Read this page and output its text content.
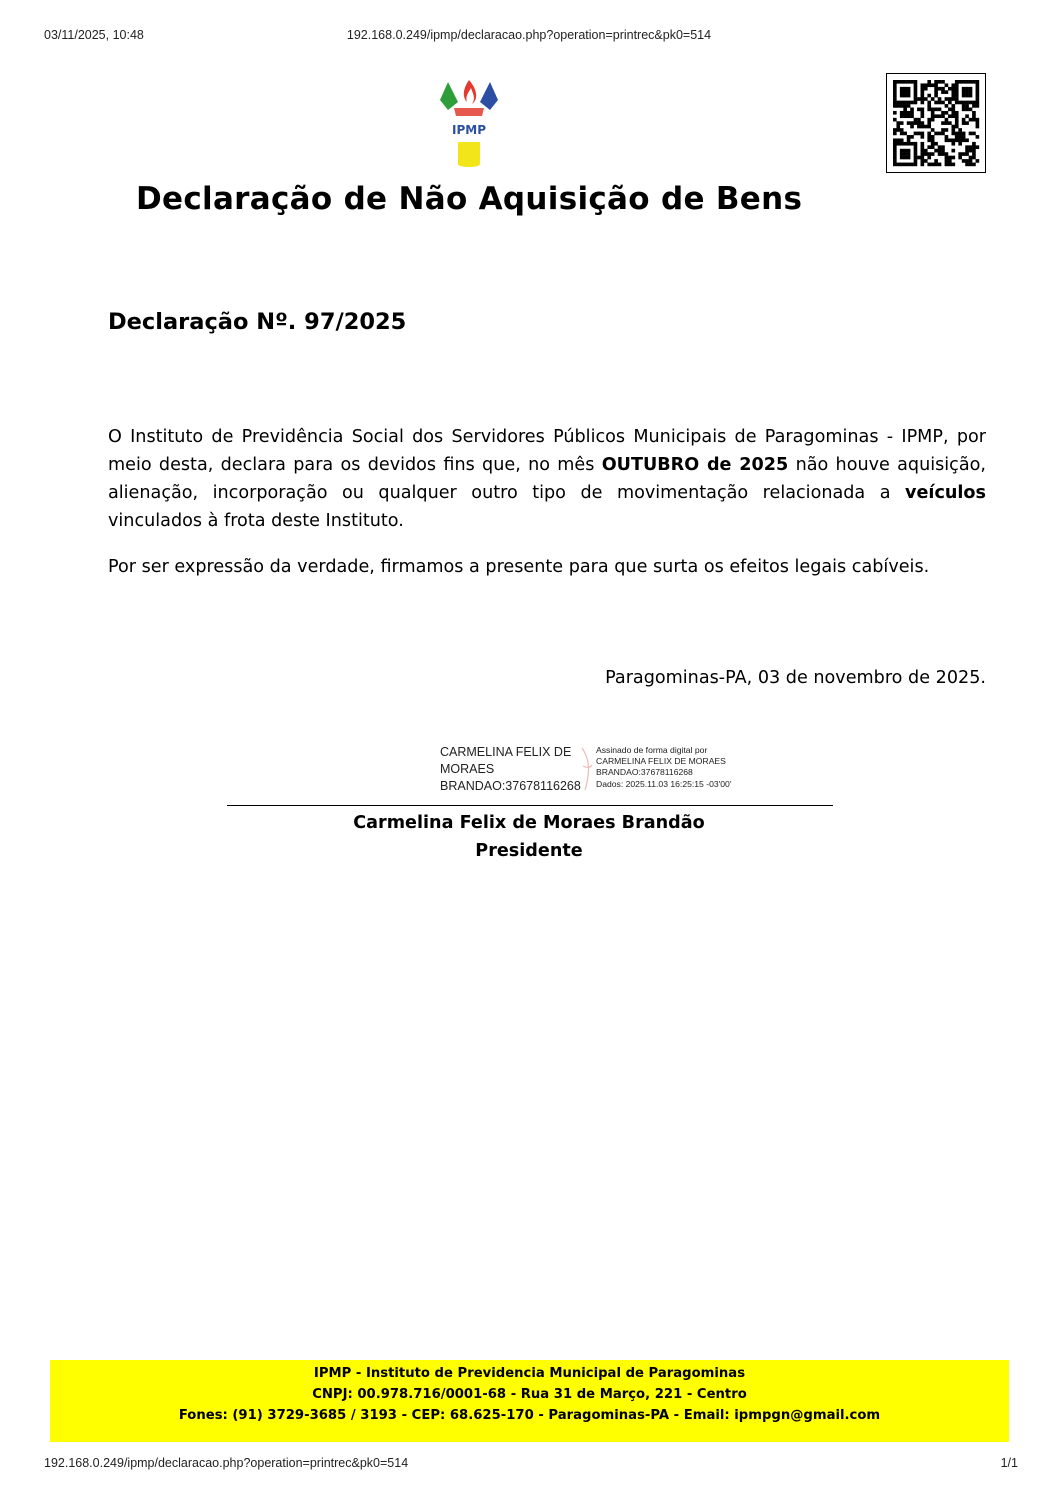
03/11/2025, 10:48	192.168.0.249/ipmp/declaracao.php?operation=printrec&pk0=514
IPMP
Declaração de Não Aquisição de Bens
Declaração Nº. 97/2025
O Instituto de Previdência Social dos Servidores Públicos Municipais de Paragominas - IPMP, por meio desta, declara para os devidos fins que, no mês OUTUBRO de 2025 não houve aquisição, alienação, incorporação ou qualquer outro tipo de movimentação relacionada a veículos vinculados à frota deste Instituto.
Por ser expressão da verdade, firmamos a presente para que surta os efeitos legais cabíveis.
Paragominas-PA, 03 de novembro de 2025.
CARMELINA FELIX DE
MORAES
BRANDAO:37678116268
Assinado de forma digital por
CARMELINA FELIX DE MORAES
BRANDAO:37678116268
Dados: 2025.11.03 16:25:15 -03'00'
Carmelina Felix de Moraes Brandão
Presidente
IPMP - Instituto de Previdencia Municipal de Paragominas
CNPJ: 00.978.716/0001-68 - Rua 31 de Março, 221 - Centro
Fones: (91) 3729-3685 / 3193 - CEP: 68.625-170 - Paragominas-PA - Email: ipmpgn@gmail.com
192.168.0.249/ipmp/declaracao.php?operation=printrec&pk0=514	1/1
